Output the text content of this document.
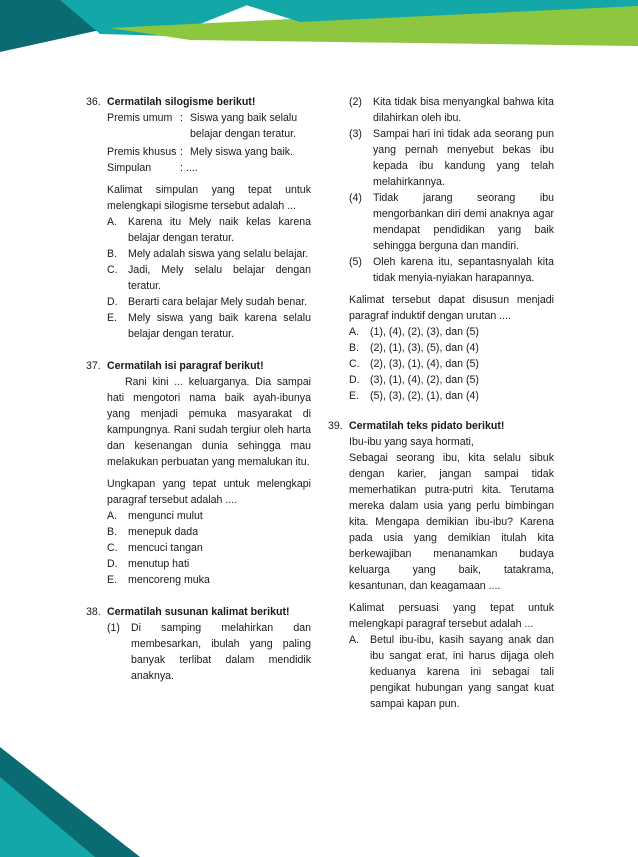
36. Cermatilah silogisme berikut!
Premis umum : Siswa yang baik selalu belajar dengan teratur.
Premis khusus : Mely siswa yang baik.
Simpulan	: ....
Kalimat simpulan yang tepat untuk melengkapi silogisme tersebut adalah ...
A.	Karena itu Mely naik kelas karena belajar dengan teratur.
B.	Mely adalah siswa yang selalu belajar.
C. Jadi, Mely selalu belajar dengan teratur.
D. Berarti cara belajar Mely sudah benar.
E.	Mely siswa yang baik karena selalu belajar dengan teratur.
37. Cermatilah isi paragraf berikut!
Rani kini ... keluarganya. Dia sampai hati mengotori nama baik ayah-ibunya yang menjadi pemuka masyarakat di kampungnya. Rani sudah tergiur oleh harta dan kesenangan dunia sehingga mau melakukan perbuatan yang memalukan itu.
Ungkapan yang tepat untuk melengkapi paragraf tersebut adalah ....
A.	mengunci mulut
B.	menepuk dada
C. mencuci tangan
D. menutup hati
E.	mencoreng muka
38. Cermatilah susunan kalimat berikut!
(1)	Di samping melahirkan dan membesarkan, ibulah yang paling banyak terlibat dalam mendidik anaknya.
(2)	Kita tidak bisa menyangkal bahwa kita dilahirkan oleh ibu.
(3)	Sampai hari ini tidak ada seorang pun yang pernah menyebut bekas ibu kepada ibu kandung yang telah melahirkannya.
(4)	Tidak jarang seorang ibu mengorbankan diri demi anaknya agar mendapat pendidikan yang baik sehingga berguna dan mandiri.
(5)	Oleh karena itu, sepantasnyalah kita tidak menyia-nyiakan harapannya.
Kalimat tersebut dapat disusun menjadi paragraf induktif dengan urutan ....
A.	(1), (4), (2), (3), dan (5)
B.	(2), (1), (3), (5), dan (4)
C. (2), (3), (1), (4), dan (5)
D. (3), (1), (4), (2), dan (5)
E.	(5), (3), (2), (1), dan (4)
39. Cermatilah teks pidato berikut!
Ibu-ibu yang saya hormati,
Sebagai seorang ibu, kita selalu sibuk dengan karier, jangan sampai tidak memerhatikan putra-putri kita. Terutama mereka dalam usia yang perlu bimbingan kita. Mengapa demikian ibu-ibu? Karena pada usia yang demikian itulah kita berkewajiban menanamkan budaya keluarga yang baik, tatakrama, kesantunan, dan keagamaan ....
Kalimat persuasi yang tepat untuk melengkapi paragraf tersebut adalah ...
A.	Betul ibu-ibu, kasih sayang anak dan ibu sangat erat, ini harus dijaga oleh keduanya karena ini sebagai tali pengikat hubungan yang sangat kuat sampai kapan pun.
